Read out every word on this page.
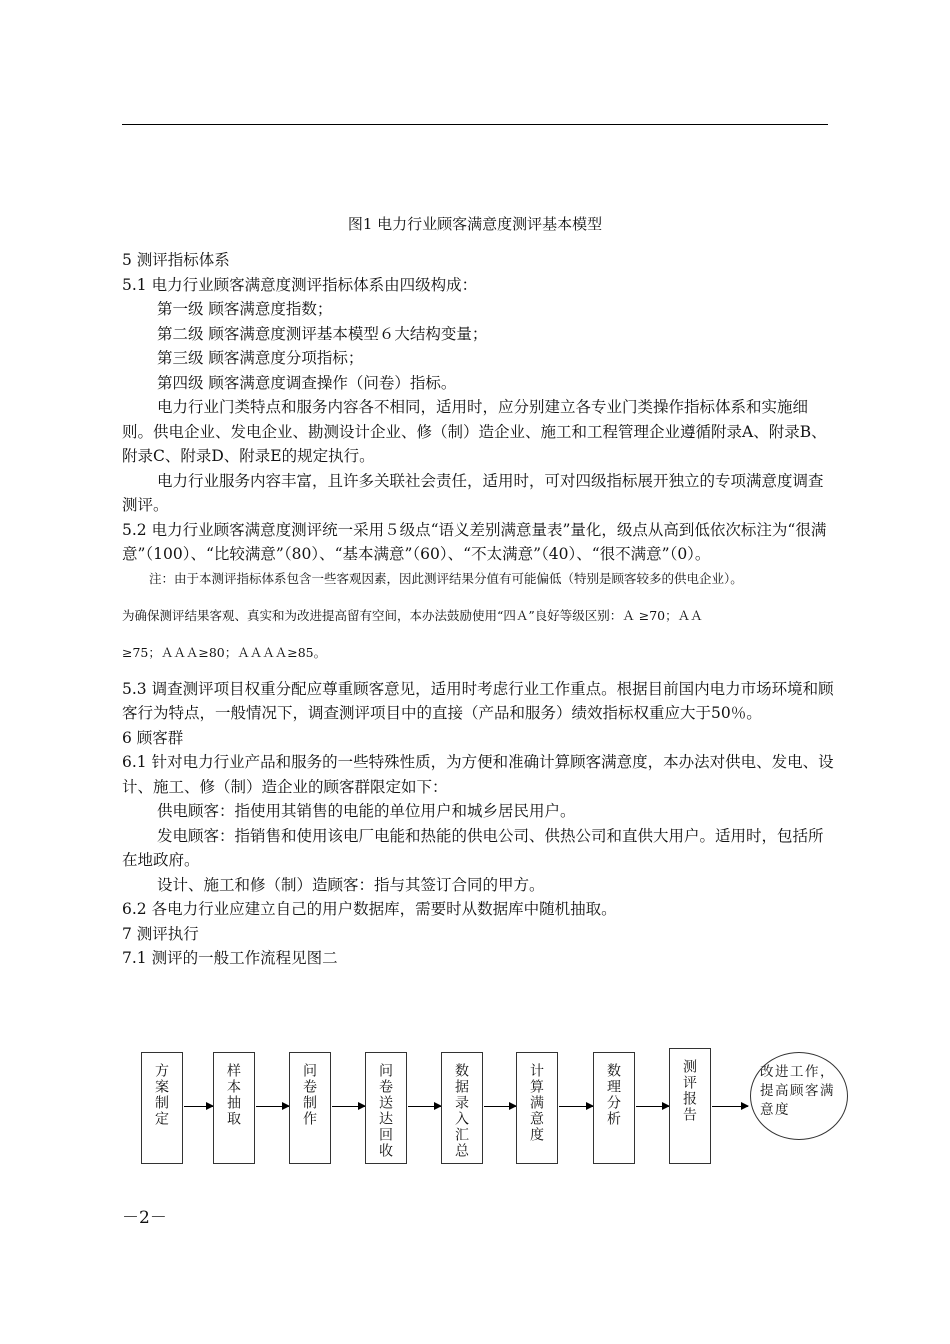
图1 电力行业顾客满意度测评基本模型

5 测评指标体系

5.1 电力行业顾客满意度测评指标体系由四级构成：

第一级 顾客满意度指数；

第二级 顾客满意度测评基本模型６大结构变量；

第三级 顾客满意度分项指标；

第四级 顾客满意度调查操作（问卷）指标。

电力行业门类特点和服务内容各不相同，适用时，应分别建立各专业门类操作指标体系和实施细则。供电企业、发电企业、勘测设计企业、修（制）造企业、施工和工程管理企业遵循附录A、附录B、附录C、附录D、附录E的规定执行。

电力行业服务内容丰富，且许多关联社会责任，适用时，可对四级指标展开独立的专项满意度调查测评。

5.2 电力行业顾客满意度测评统一采用５级点“语义差别满意量表”量化，级点从高到低依次标注为“很满意”（100）、“比较满意”（80）、“基本满意”（60）、“不太满意”（40）、“很不满意”（0）。

注：由于本测评指标体系包含一些客观因素，因此测评结果分值有可能偏低（特别是顾客较多的供电企业）。

为确保测评结果客观、真实和为改进提高留有空间，本办法鼓励使用“四Ａ”良好等级区别：Ａ ≥70；ＡＡ

≥75；ＡＡＡ≥80；ＡＡＡＡ≥85。

5.3 调查测评项目权重分配应尊重顾客意见，适用时考虑行业工作重点。根据目前国内电力市场环境和顾客行为特点，一般情况下，调查测评项目中的直接（产品和服务）绩效指标权重应大于50％。

6 顾客群

6.1 针对电力行业产品和服务的一些特殊性质，为方便和准确计算顾客满意度，本办法对供电、发电、设计、施工、修（制）造企业的顾客群限定如下：

供电顾客：指使用其销售的电能的单位用户和城乡居民用户。

发电顾客：指销售和使用该电厂电能和热能的供电公司、供热公司和直供大用户。适用时，包括所在地政府。

设计、施工和修（制）造顾客：指与其签订合同的甲方。

6.2 各电力行业应建立自己的用户数据库，需要时从数据库中随机抽取。

7 测评执行

7.1 测评的一般工作流程见图二

方案制定	样本抽取	问卷制作	问卷送达回收	数据录入汇总	计算满意度	数理分析	测评报告	改进工作，提高顾客满意度
－2－
